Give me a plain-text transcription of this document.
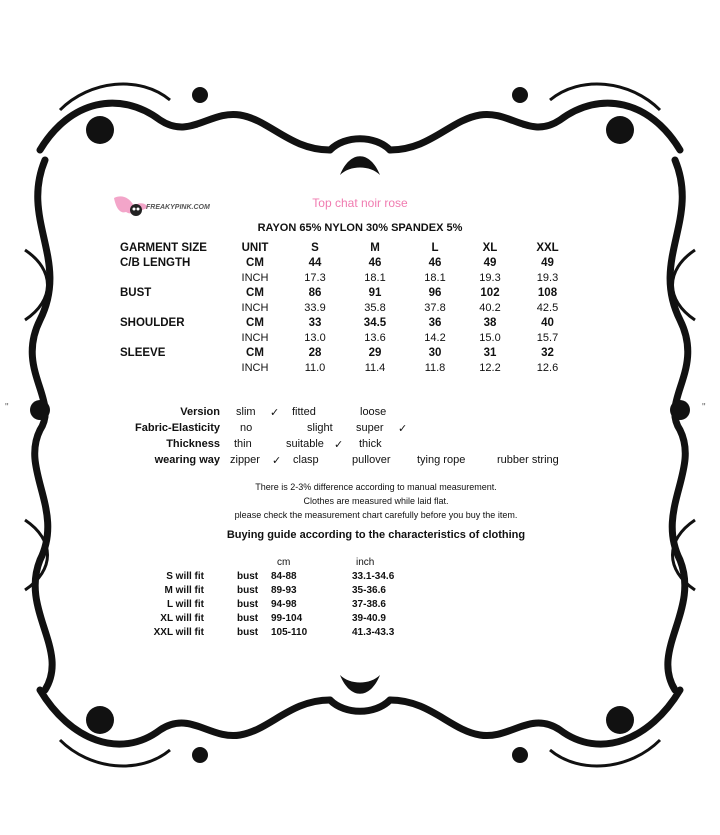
"	"
FREAKYPINK.COM	Top chat noir rose
RAYON 65% NYLON 30% SPANDEX 5%
GARMENT SIZE	UNIT	S	M	L	XL	XXL
C/B LENGTH	CM	44	46	46	49	49
INCH	17.3	18.1	18.1	19.3	19.3
BUST	CM	86	91	96	102	108
INCH	33.9	35.8	37.8	40.2	42.5
SHOULDER	CM	33	34.5	36	38	40
INCH	13.0	13.6	14.2	15.0	15.7
SLEEVE	CM	28	29	30	31	32
INCH	11.0	11.4	11.8	12.2	12.6
Version slim ✓ fitted	loose
Fabric-Elasticity no	slight super ✓
Thickness thin	suitable ✓ thick
wearing way zipper ✓ clasp	pullover tying rope	rubber string
There is 2-3% difference according to manual measurement.
Clothes are measured while laid flat.
please check the measurement chart carefully before you buy the item.
Buying guide according to the characteristics of clothing
cm	inch
S will fit	bust 84-88	33.1-34.6
M will fit	bust 89-93	35-36.6
L will fit	bust 94-98	37-38.6
XL will fit	bust 99-104	39-40.9
XXL will fit	bust 105-110	41.3-43.3
